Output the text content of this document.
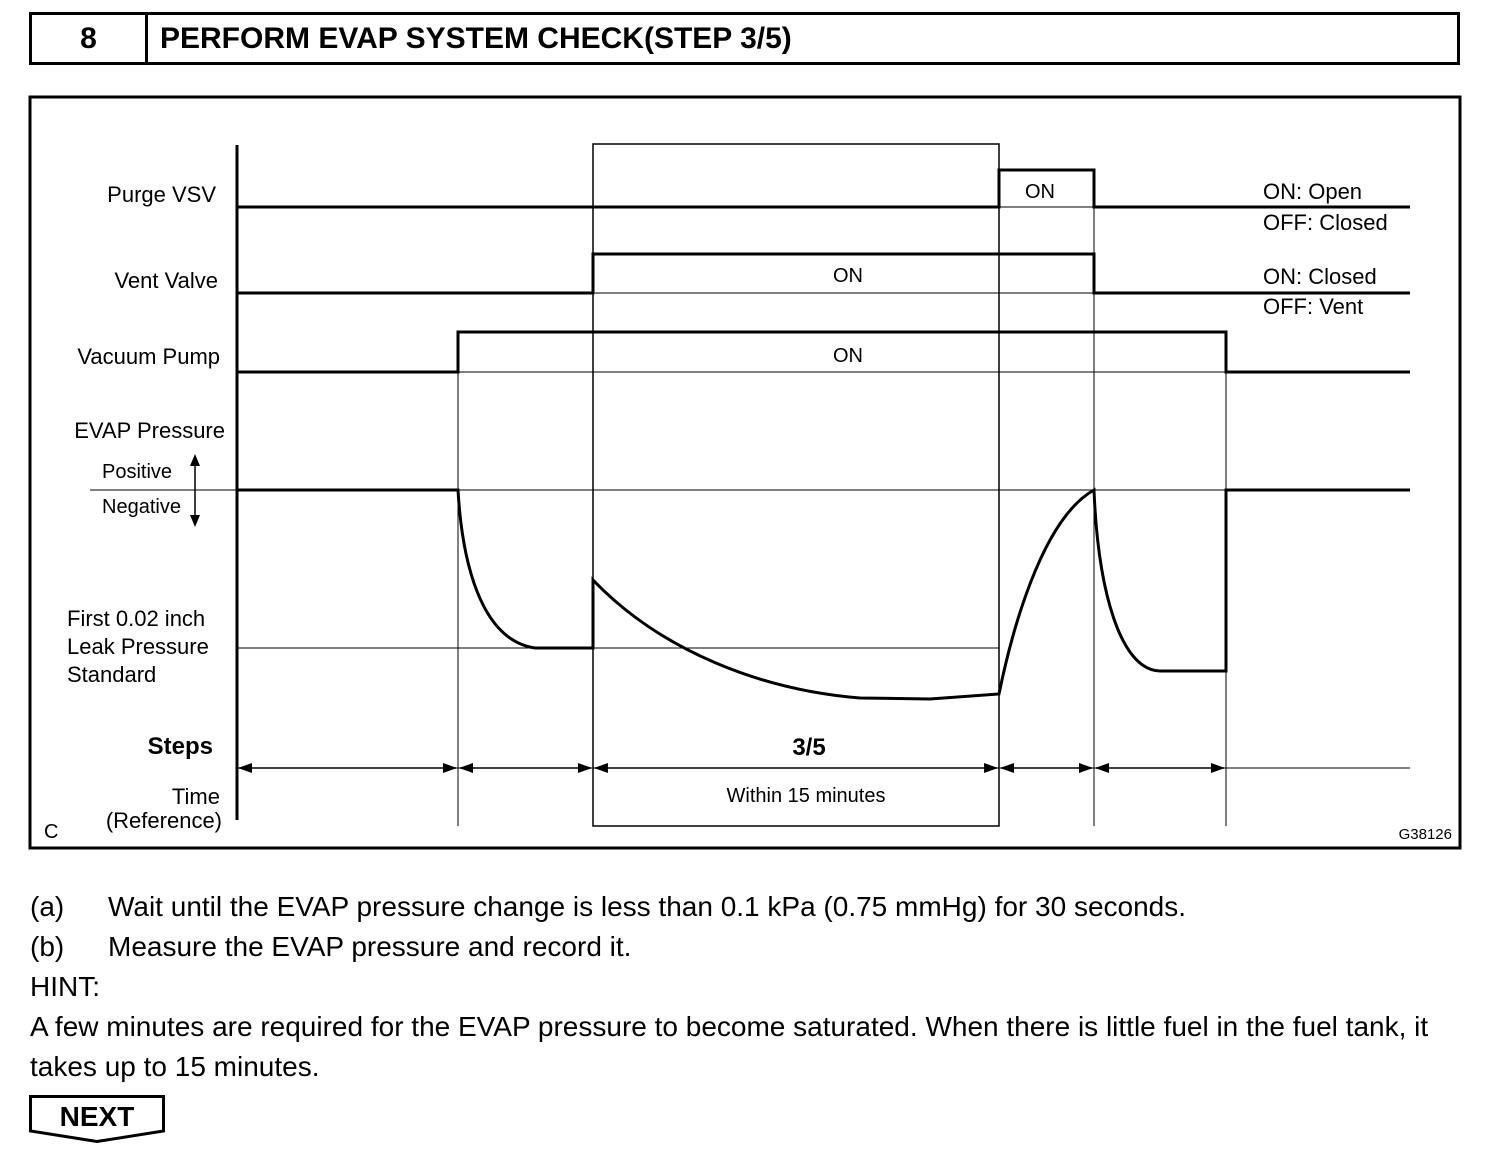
8	PERFORM EVAP SYSTEM CHECK(STEP 3/5)
Purge VSV
Vent Valve
Vacuum Pump
EVAP Pressure
Positive
Negative
First 0.02 inch
Leak Pressure
Standard
Steps
Time
(Reference)
ON
ON
ON
ON: Open
OFF: Closed
ON: Closed
OFF: Vent
3/5
Within 15 minutes
C	G38126
(a)	Wait until the EVAP pressure change is less than 0.1 kPa (0.75 mmHg) for 30 seconds.
(b)	Measure the EVAP pressure and record it.
HINT:
A few minutes are required for the EVAP pressure to become saturated. When there is little fuel in the fuel tank, it takes up to 15 minutes.
NEXT
